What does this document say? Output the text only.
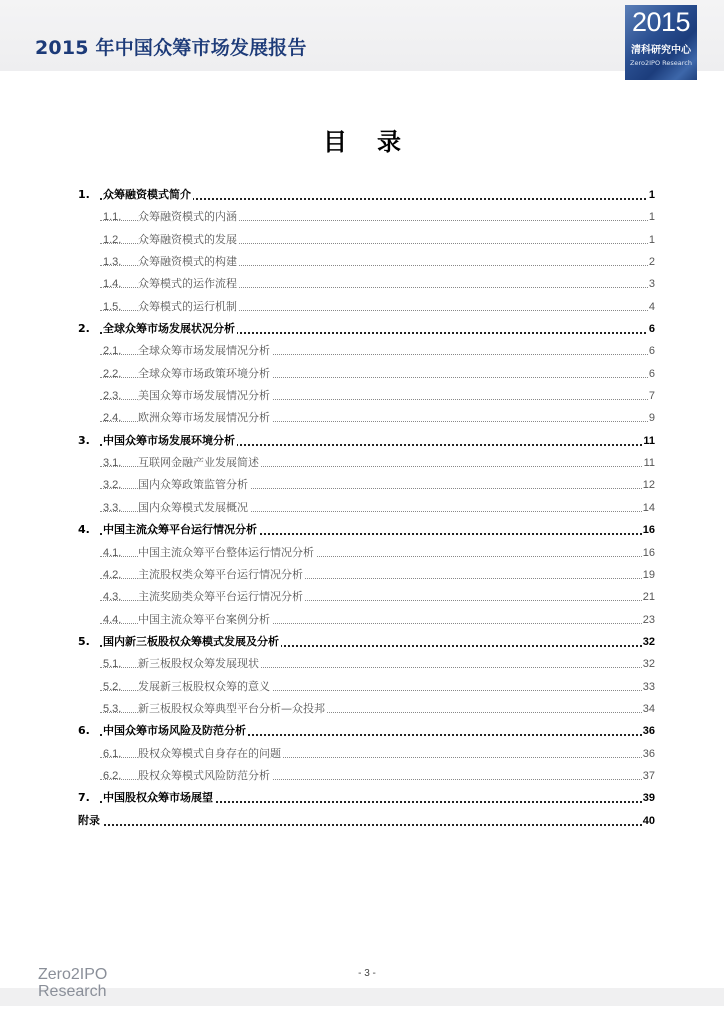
2015 年中国众筹市场发展报告
2015
清科研究中心
Zero2IPO Research
目 录
1. 众筹融资模式简介	1
1.1. 众筹融资模式的内涵	1
1.2. 众筹融资模式的发展	1
1.3. 众筹融资模式的构建	2
1.4. 众筹模式的运作流程	3
1.5. 众筹模式的运行机制	4
2. 全球众筹市场发展状况分析	6
2.1. 全球众筹市场发展情况分析	6
2.2. 全球众筹市场政策环境分析	6
2.3. 美国众筹市场发展情况分析	7
2.4. 欧洲众筹市场发展情况分析	9
3. 中国众筹市场发展环境分析	11
3.1. 互联网金融产业发展简述	11
3.2. 国内众筹政策监管分析	12
3.3. 国内众筹模式发展概况	14
4. 中国主流众筹平台运行情况分析	16
4.1. 中国主流众筹平台整体运行情况分析	16
4.2. 主流股权类众筹平台运行情况分析	19
4.3. 主流奖励类众筹平台运行情况分析	21
4.4. 中国主流众筹平台案例分析	23
5. 国内新三板股权众筹模式发展及分析	32
5.1. 新三板股权众筹发展现状	32
5.2. 发展新三板股权众筹的意义	33
5.3. 新三板股权众筹典型平台分析—众投邦	34
6. 中国众筹市场风险及防范分析	36
6.1. 股权众筹模式自身存在的问题	36
6.2. 股权众筹模式风险防范分析	37
7. 中国股权众筹市场展望	39
附录	40
Zero2IPO
Research
- 3 -
